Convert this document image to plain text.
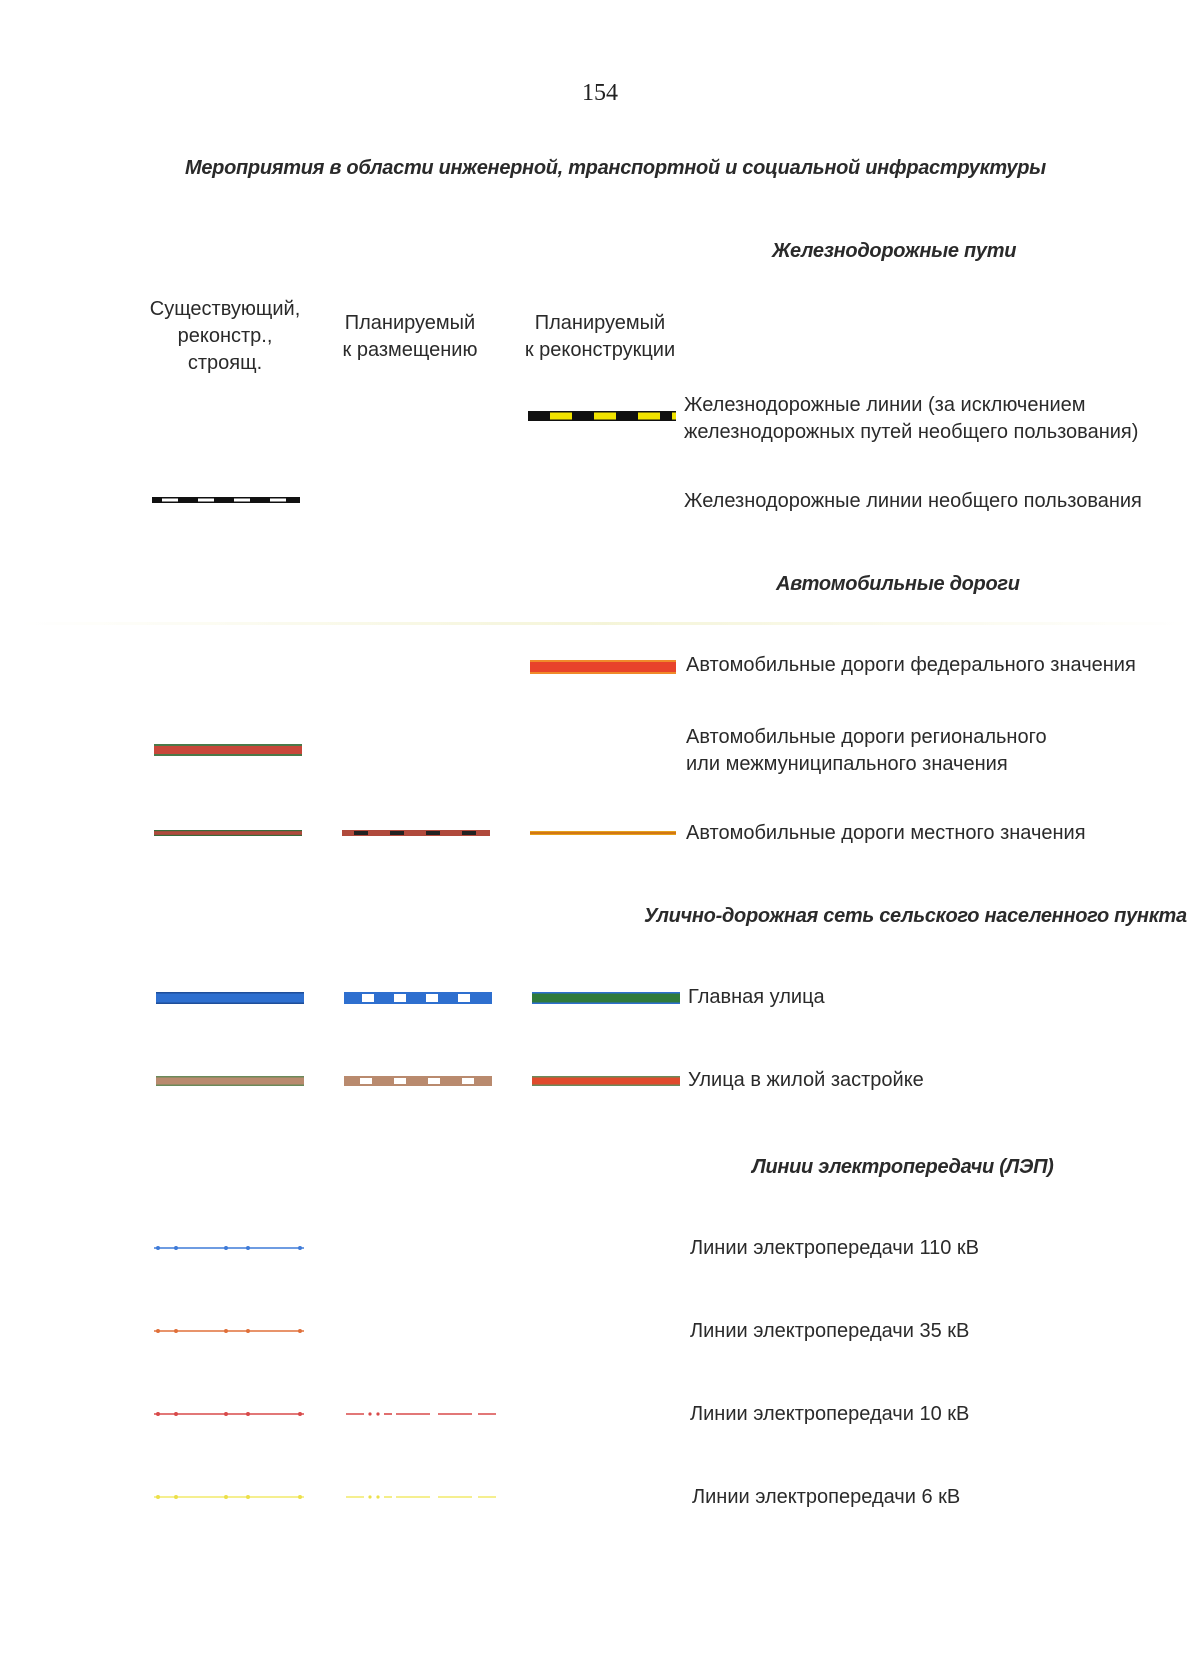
154
Мероприятия в области инженерной, транспортной и социальной инфраструктуры
Железнодорожные пути
Существующий,
реконстр.,
строящ.
Планируемый
к размещению
Планируемый
к реконструкции
Железнодорожные линии (за исключением
железнодорожных путей необщего пользования)
Железнодорожные линии необщего пользования
Автомобильные дороги
Автомобильные дороги федерального значения
Автомобильные дороги регионального
или межмуниципального значения
Автомобильные дороги местного значения
Улично-дорожная сеть сельского населенного пункта
Главная улица
Улица в жилой застройке
Линии электропередачи (ЛЭП)
Линии электропередачи 110 кВ
Линии электропередачи 35 кВ
Линии электропередачи 10 кВ
Линии электропередачи 6 кВ
